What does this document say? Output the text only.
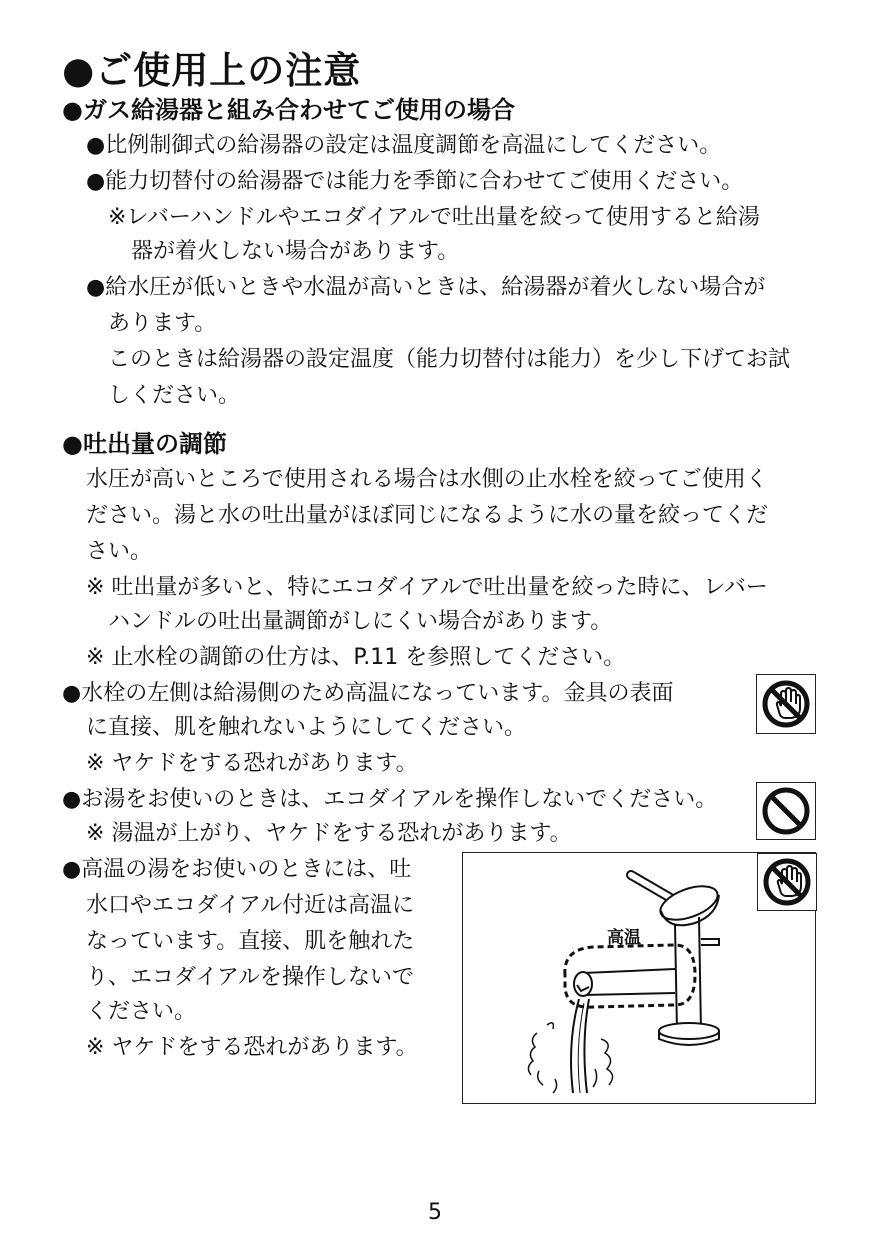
●ご使用上の注意
●ガス給湯器と組み合わせてご使用の場合
●比例制御式の給湯器の設定は温度調節を高温にしてください。
●能力切替付の給湯器では能力を季節に合わせてご使用ください。
※レバーハンドルやエコダイアルで吐出量を絞って使用すると給湯
器が着火しない場合があります。
●給水圧が低いときや水温が高いときは、給湯器が着火しない場合が
あります。
このときは給湯器の設定温度（能力切替付は能力）を少し下げてお試
しください。
●吐出量の調節
水圧が高いところで使用される場合は水側の止水栓を絞ってご使用く
ださい。湯と水の吐出量がほぼ同じになるように水の量を絞ってくだ
さい。
※ 吐出量が多いと、特にエコダイアルで吐出量を絞った時に、レバー
ハンドルの吐出量調節がしにくい場合があります。
※ 止水栓の調節の仕方は、P.11 を参照してください。
●水栓の左側は給湯側のため高温になっています。金具の表面
に直接、肌を触れないようにしてください。
※ ヤケドをする恐れがあります。
●お湯をお使いのときは、エコダイアルを操作しないでください。
※ 湯温が上がり、ヤケドをする恐れがあります。
●高温の湯をお使いのときには、吐
水口やエコダイアル付近は高温に
なっています。直接、肌を触れた
り、エコダイアルを操作しないで
ください。
※ ヤケドをする恐れがあります。
高温
5
